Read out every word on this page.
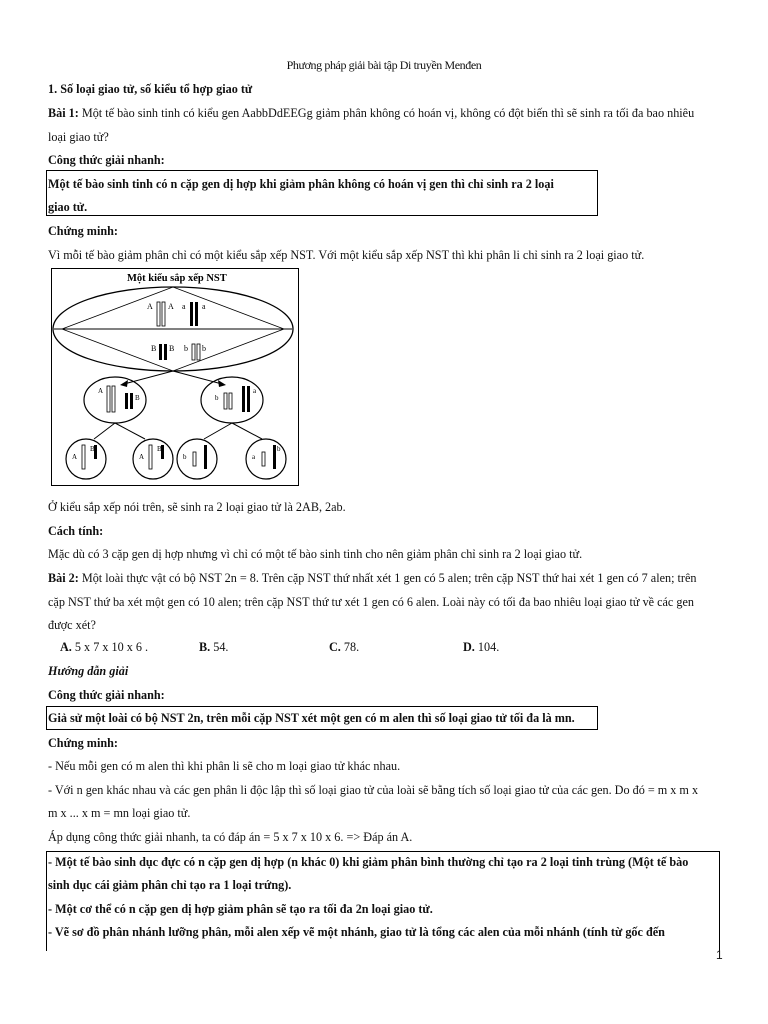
Phương pháp giải bài tập Di truyền Menđen
1. Số loại giao tử, số kiểu tổ hợp giao tử
Bài 1: Một tế bào sinh tinh có kiểu gen AabbDdEEGg giảm phân không có hoán vị, không có đột biến thì sẽ sinh ra tối đa bao nhiêu
loại giao tử?
Công thức giải nhanh:
Một tế bào sinh tinh có n cặp gen dị hợp khi giảm phân không có hoán vị gen thì chỉ sinh ra 2 loại
giao tử.
Chứng minh:
Vì mỗi tế bào giảm phân chỉ có một kiểu sắp xếp NST. Với một kiểu sắp xếp NST thì khi phân li chỉ sinh ra 2 loại giao tử.
Một kiểu sắp xếp NST
A A a a
B B b b
A
B	b
a
A
B
A
B
b	a
b
Ở kiểu sắp xếp nói trên, sẽ sinh ra 2 loại giao tử là 2AB, 2ab.
Cách tính:
Mặc dù có 3 cặp gen dị hợp nhưng vì chỉ có một tế bào sinh tinh cho nên giảm phân chỉ sinh ra 2 loại giao tử.
Bài 2: Một loài thực vật có bộ NST 2n = 8. Trên cặp NST thứ nhất xét 1 gen có 5 alen; trên cặp NST thứ hai xét 1 gen có 7 alen; trên
cặp NST thứ ba xét một gen có 10 alen; trên cặp NST thứ tư xét 1 gen có 6 alen. Loài này có tối đa bao nhiêu loại giao tử về các gen
được xét?
A. 5 x 7 x 10 x 6 .	B. 54.	C. 78.	D. 104.
Hướng dẫn giải
Công thức giải nhanh:
Giả sử một loài có bộ NST 2n, trên mỗi cặp NST xét một gen có m alen thì số loại giao tử tối đa là mn.
Chứng minh:
- Nếu mỗi gen có m alen thì khi phân li sẽ cho m loại giao tử khác nhau.
- Với n gen khác nhau và các gen phân li độc lập thì số loại giao tử của loài sẽ bằng tích số loại giao tử của các gen. Do đó = m x m x
m x ... x m = mn loại giao tử.
Áp dụng công thức giải nhanh, ta có đáp án = 5 x 7 x 10 x 6. => Đáp án A.
- Một tế bào sinh dục đực có n cặp gen dị hợp (n khác 0) khi giảm phân bình thường chỉ tạo ra 2 loại tinh trùng (Một tế bào
sinh dục cái giảm phân chỉ tạo ra 1 loại trứng).
- Một cơ thể có n cặp gen dị hợp giảm phân sẽ tạo ra tối đa 2n loại giao tử.
- Vẽ sơ đồ phân nhánh lưỡng phân, mỗi alen xếp vẽ một nhánh, giao tử là tổng các alen của mỗi nhánh (tính từ gốc đến
1
